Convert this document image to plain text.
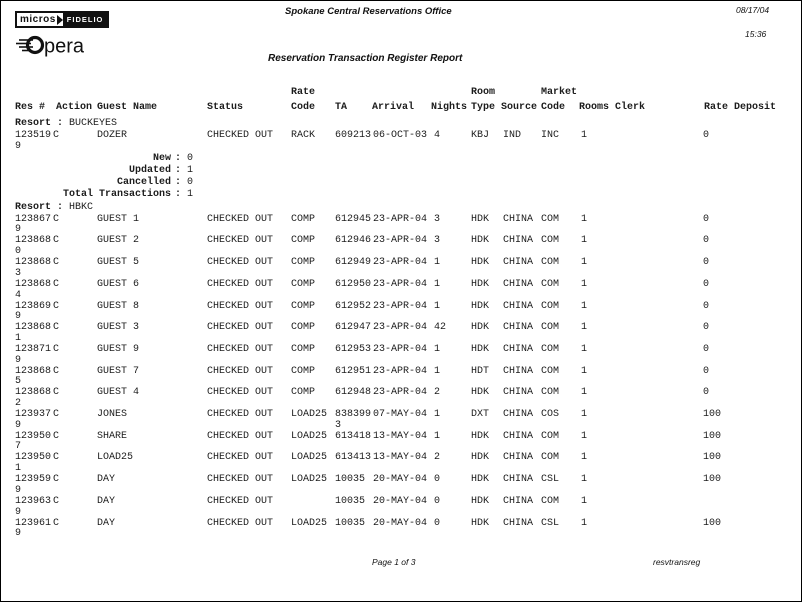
micros	FIDELIO
pera
Spokane Central Reservations Office
Reservation Transaction Register Report
08/17/04
15:36
Rate	Room	Market
Res # Action Guest Name	Status	Code TA Arrival Nights Type Source Code Rooms Clerk	Rate Deposit
Resort : BUCKEYES
123519 C	DOZER	CHECKED OUT RACK 609213 06-OCT-03 4	KBJ IND INC 1	0
9
New : 0
Updated : 1
Cancelled : 0
Total Transactions : 1
Resort : HBKC
123867 C	GUEST 1	CHECKED OUT COMP 612945 23-APR-04 3	HDK CHINA COM 1	0
9
123868 C	GUEST 2	CHECKED OUT COMP 612946 23-APR-04 3	HDK CHINA COM 1	0
0
123868 C	GUEST 5	CHECKED OUT COMP 612949 23-APR-04 1	HDK CHINA COM 1	0
3
123868 C	GUEST 6	CHECKED OUT COMP 612950 23-APR-04 1	HDK CHINA COM 1	0
4
123869 C	GUEST 8	CHECKED OUT COMP 612952 23-APR-04 1	HDK CHINA COM 1	0
9
123868 C	GUEST 3	CHECKED OUT COMP 612947 23-APR-04 42 HDK CHINA COM 1	0
1
123871 C	GUEST 9	CHECKED OUT COMP 612953 23-APR-04 1	HDK CHINA COM 1	0
9
123868 C	GUEST 7	CHECKED OUT COMP 612951 23-APR-04 1	HDT CHINA COM 1	0
5
123868 C	GUEST 4	CHECKED OUT COMP 612948 23-APR-04 2	HDK CHINA COM 1	0
2
123937 C	JONES	CHECKED OUT LOAD25 838399 07-MAY-04 1	DXT CHINA COS 1	100
9	3
123950 C	SHARE	CHECKED OUT LOAD25 613418 13-MAY-04 1	HDK CHINA COM 1	100
7
123950 C	LOAD25	CHECKED OUT LOAD25 613413 13-MAY-04 2	HDK CHINA COM 1	100
1
123959 C	DAY	CHECKED OUT LOAD25 10035 20-MAY-04 0	HDK CHINA CSL 1	100
9
123963 C	DAY	CHECKED OUT	10035 20-MAY-04 0	HDK CHINA COM 1
9
123961 C	DAY	CHECKED OUT LOAD25 10035 20-MAY-04 0	HDK CHINA CSL 1	100
9
Page 1 of 3	resvtransreg
